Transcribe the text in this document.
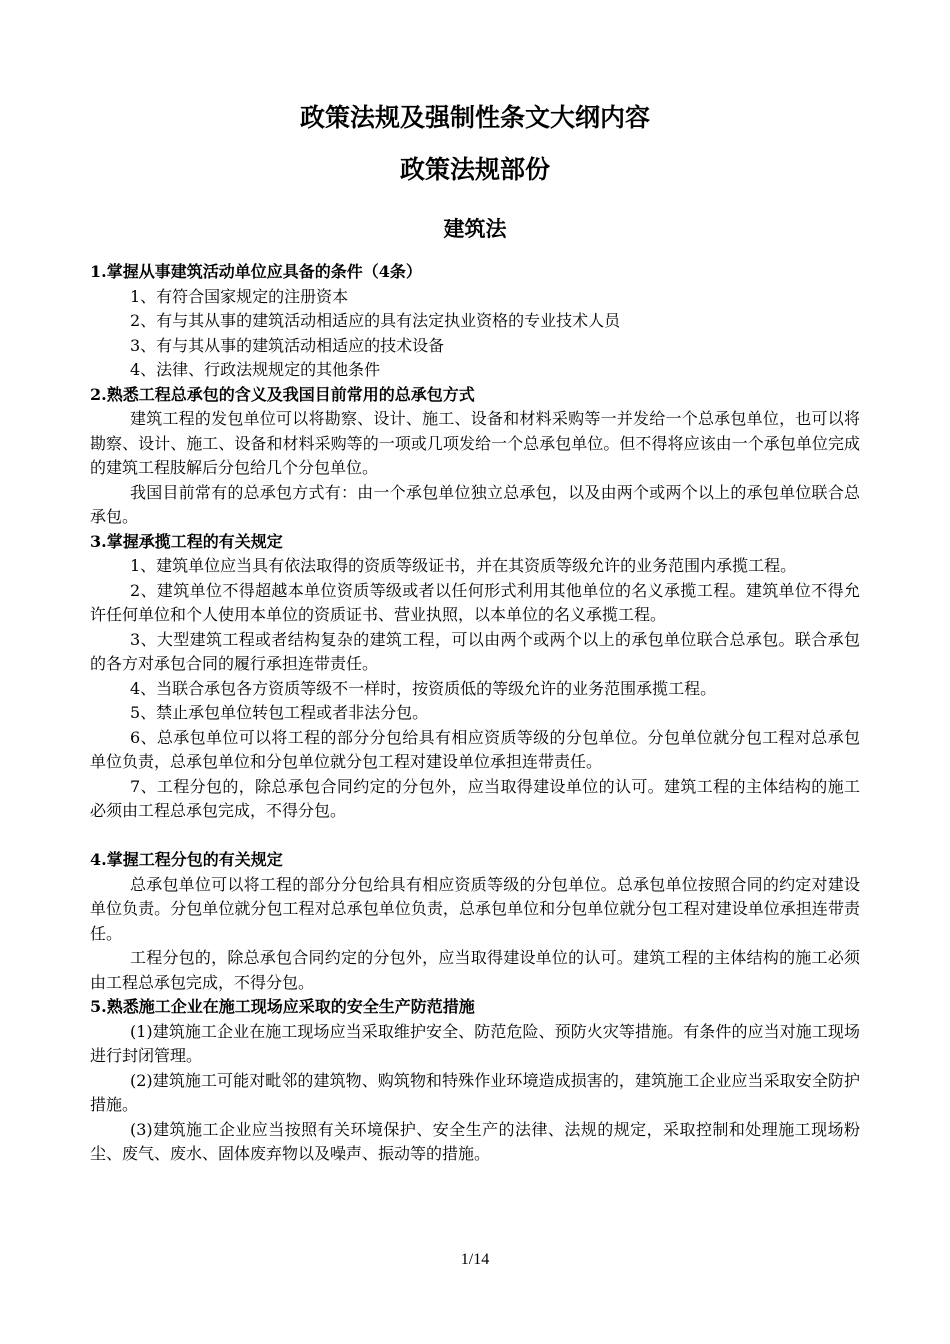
政策法规及强制性条文大纲内容
政策法规部份
建筑法

1.掌握从事建筑活动单位应具备的条件（4条）

1、有符合国家规定的注册资本

2、有与其从事的建筑活动相适应的具有法定执业资格的专业技术人员

3、有与其从事的建筑活动相适应的技术设备

4、法律、行政法规规定的其他条件

2.熟悉工程总承包的含义及我国目前常用的总承包方式

建筑工程的发包单位可以将勘察、设计、施工、设备和材料采购等一并发给一个总承包单位，也可以将勘察、设计、施工、设备和材料采购等的一项或几项发给一个总承包单位。但不得将应该由一个承包单位完成的建筑工程肢解后分包给几个分包单位。

我国目前常有的总承包方式有：由一个承包单位独立总承包，以及由两个或两个以上的承包单位联合总承包。

3.掌握承揽工程的有关规定

1、建筑单位应当具有依法取得的资质等级证书，并在其资质等级允许的业务范围内承揽工程。

2、建筑单位不得超越本单位资质等级或者以任何形式利用其他单位的名义承揽工程。建筑单位不得允许任何单位和个人使用本单位的资质证书、营业执照，以本单位的名义承揽工程。

3、大型建筑工程或者结构复杂的建筑工程，可以由两个或两个以上的承包单位联合总承包。联合承包的各方对承包合同的履行承担连带责任。

4、当联合承包各方资质等级不一样时，按资质低的等级允许的业务范围承揽工程。

5、禁止承包单位转包工程或者非法分包。

6、总承包单位可以将工程的部分分包给具有相应资质等级的分包单位。分包单位就分包工程对总承包单位负责，总承包单位和分包单位就分包工程对建设单位承担连带责任。

7、工程分包的，除总承包合同约定的分包外，应当取得建设单位的认可。建筑工程的主体结构的施工必须由工程总承包完成，不得分包。

4.掌握工程分包的有关规定

总承包单位可以将工程的部分分包给具有相应资质等级的分包单位。总承包单位按照合同的约定对建设单位负责。分包单位就分包工程对总承包单位负责，总承包单位和分包单位就分包工程对建设单位承担连带责任。

工程分包的，除总承包合同约定的分包外，应当取得建设单位的认可。建筑工程的主体结构的施工必须由工程总承包完成，不得分包。

5.熟悉施工企业在施工现场应采取的安全生产防范措施

(1)建筑施工企业在施工现场应当采取维护安全、防范危险、预防火灾等措施。有条件的应当对施工现场进行封闭管理。

(2)建筑施工可能对毗邻的建筑物、购筑物和特殊作业环境造成损害的，建筑施工企业应当采取安全防护措施。

(3)建筑施工企业应当按照有关环境保护、安全生产的法律、法规的规定，采取控制和处理施工现场粉尘、废气、废水、固体废弃物以及噪声、振动等的措施。

1/14
